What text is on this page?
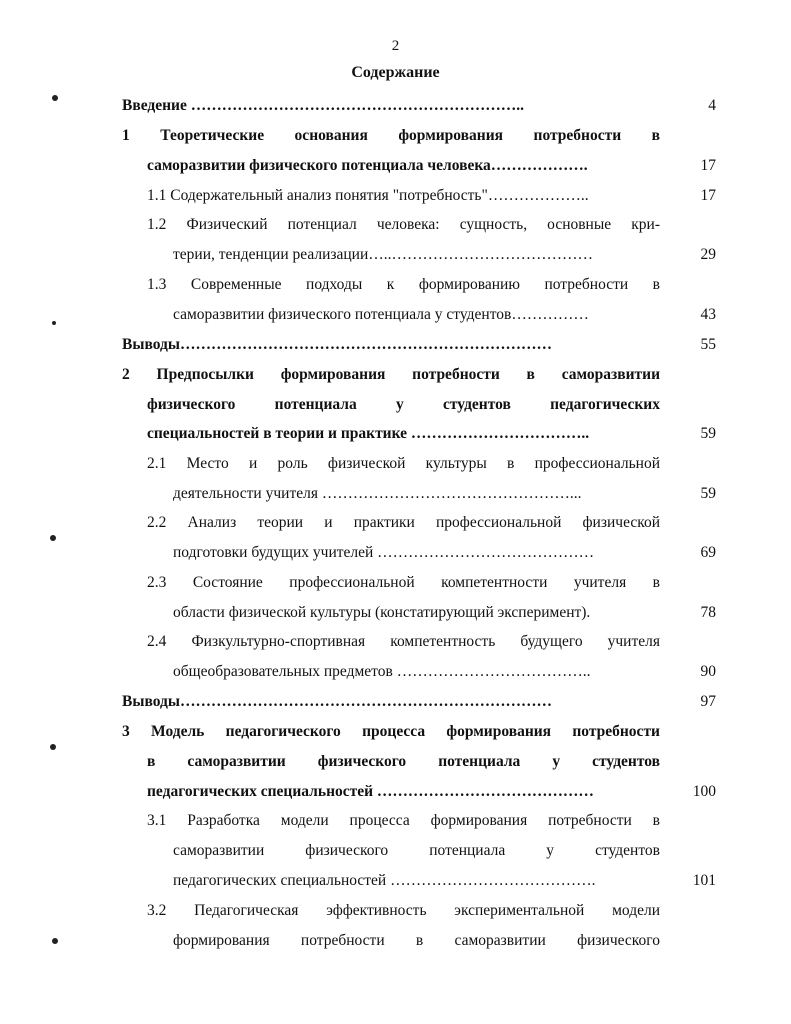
2
Содержание
Введение ………………………………………………………..	4
1 Теоретические основания формирования потребности в
саморазвитии физического потенциала человека……………….	17
1.1 Содержательный анализ понятия "потребность"………………..	17
1.2 Физический потенциал человека: сущность, основные кри-
терии, тенденции реализации…..…………………………………	29
1.3 Современные подходы к формированию потребности в
саморазвитии физического потенциала у студентов……………	43
Выводы………………………………………………………………	55
2 Предпосылки формирования потребности в саморазвитии
физического потенциала у студентов педагогических
специальностей в теории и практике ……………………………..	59
2.1 Место и роль физической культуры в профессиональной
деятельности учителя …………………………………………...	59
2.2 Анализ теории и практики профессиональной физической
подготовки будущих учителей ……………………………………	69
2.3 Состояние профессиональной компетентности учителя в
области физической культуры (констатирующий эксперимент).	78
2.4 Физкультурно-спортивная компетентность будущего учителя
общеобразовательных предметов ………………………………..	90
Выводы………………………………………………………………	97
3 Модель педагогического процесса формирования потребности
в саморазвитии физического потенциала у студентов
педагогических специальностей ……………………………………	100
3.1 Разработка модели процесса формирования потребности в
саморазвитии физического потенциала у студентов
педагогических специальностей ………………………………….	101
3.2 Педагогическая эффективность экспериментальной модели
формирования потребности в саморазвитии физического
